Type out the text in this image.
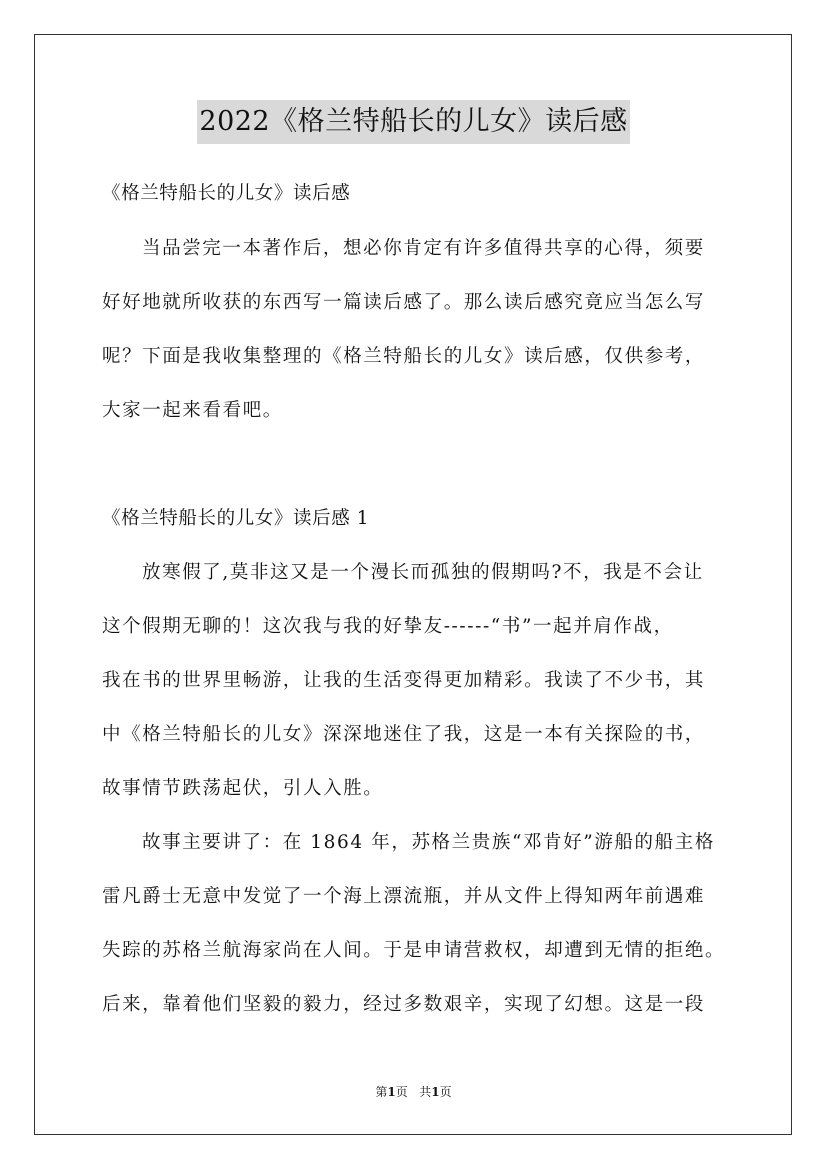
2022《格兰特船长的儿女》读后感
《格兰特船长的儿女》读后感
当品尝完一本著作后，想必你肯定有许多值得共享的心得，须要
好好地就所收获的东西写一篇读后感了。那么读后感究竟应当怎么写
呢？下面是我收集整理的《格兰特船长的儿女》读后感，仅供参考，
大家一起来看看吧。
《格兰特船长的儿女》读后感 1
放寒假了,莫非这又是一个漫长而孤独的假期吗?不，我是不会让
这个假期无聊的！这次我与我的好挚友------“书”一起并肩作战，
我在书的世界里畅游，让我的生活变得更加精彩。我读了不少书，其
中《格兰特船长的儿女》深深地迷住了我，这是一本有关探险的书，
故事情节跌荡起伏，引人入胜。
故事主要讲了：在 1864 年，苏格兰贵族“邓肯好”游船的船主格
雷凡爵士无意中发觉了一个海上漂流瓶，并从文件上得知两年前遇难
失踪的苏格兰航海家尚在人间。于是申请营救权，却遭到无情的拒绝。
后来，靠着他们坚毅的毅力，经过多数艰辛，实现了幻想。这是一段
第1页   共1页
